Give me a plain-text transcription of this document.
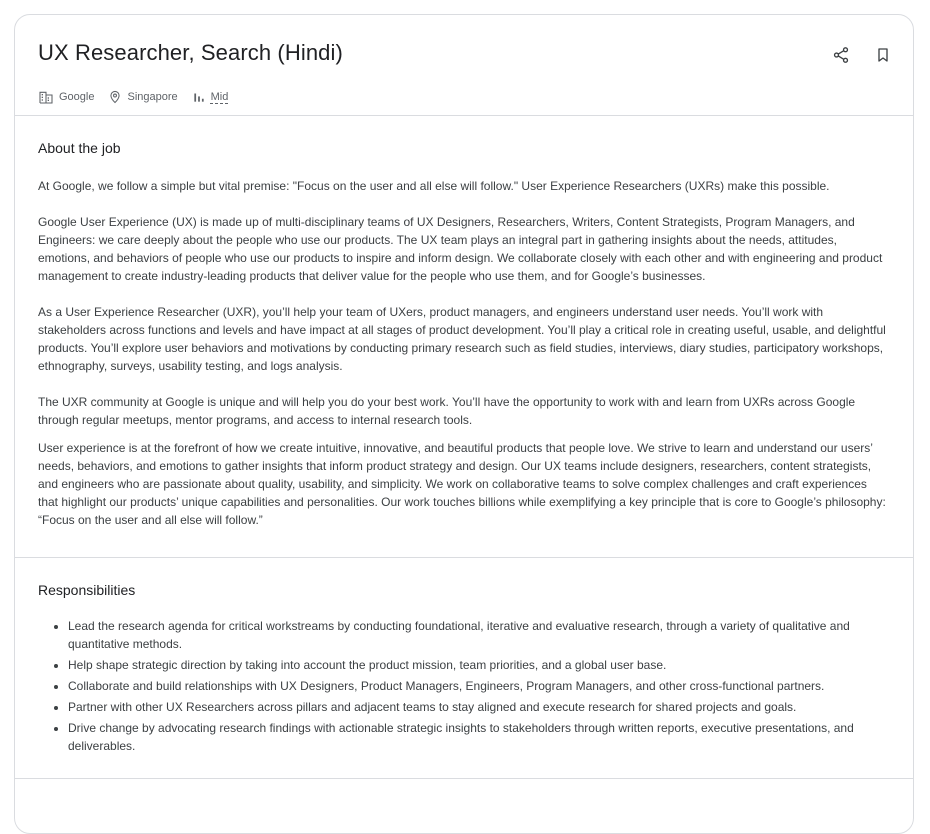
UX Researcher, Search (Hindi)
Google	Singapore	Mid
About the job

At Google, we follow a simple but vital premise: "Focus on the user and all else will follow." User Experience Researchers (UXRs) make this possible.

Google User Experience (UX) is made up of multi-disciplinary teams of UX Designers, Researchers, Writers, Content Strategists, Program Managers, and Engineers: we care deeply about the people who use our products. The UX team plays an integral part in gathering insights about the needs, attitudes, emotions, and behaviors of people who use our products to inspire and inform design. We collaborate closely with each other and with engineering and product management to create industry-leading products that deliver value for the people who use them, and for Google’s businesses.

As a User Experience Researcher (UXR), you’ll help your team of UXers, product managers, and engineers understand user needs. You’ll work with stakeholders across functions and levels and have impact at all stages of product development. You’ll play a critical role in creating useful, usable, and delightful products. You’ll explore user behaviors and motivations by conducting primary research such as field studies, interviews, diary studies, participatory workshops, ethnography, surveys, usability testing, and logs analysis.

The UXR community at Google is unique and will help you do your best work. You’ll have the opportunity to work with and learn from UXRs across Google through regular meetups, mentor programs, and access to internal research tools.

User experience is at the forefront of how we create intuitive, innovative, and beautiful products that people love. We strive to learn and understand our users’ needs, behaviors, and emotions to gather insights that inform product strategy and design. Our UX teams include designers, researchers, content strategists, and engineers who are passionate about quality, usability, and simplicity. We work on collaborative teams to solve complex challenges and craft experiences that highlight our products’ unique capabilities and personalities. Our work touches billions while exemplifying a key principle that is core to Google’s philosophy: “Focus on the user and all else will follow.”

Responsibilities
• Lead the research agenda for critical workstreams by conducting foundational, iterative and evaluative research, through a variety of qualitative and quantitative methods.
• Help shape strategic direction by taking into account the product mission, team priorities, and a global user base.
• Collaborate and build relationships with UX Designers, Product Managers, Engineers, Program Managers, and other cross-functional partners.
• Partner with other UX Researchers across pillars and adjacent teams to stay aligned and execute research for shared projects and goals.
• Drive change by advocating research findings with actionable strategic insights to stakeholders through written reports, executive presentations, and deliverables.
